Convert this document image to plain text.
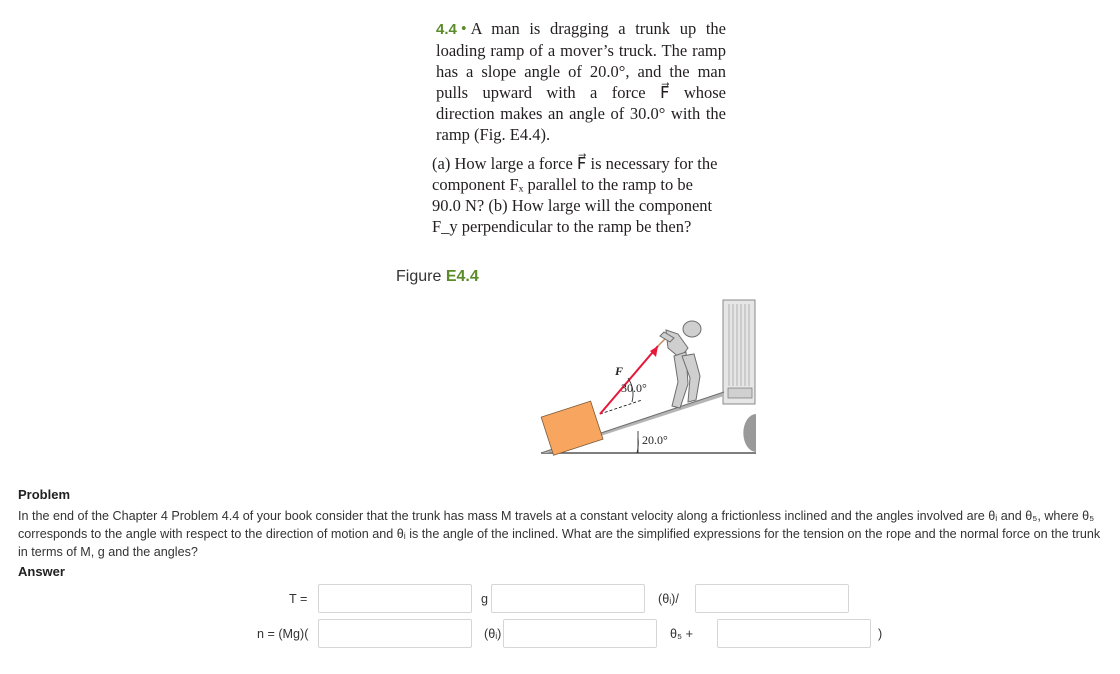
4.4 • A man is dragging a trunk up the loading ramp of a mover’s truck. The ramp has a slope angle of 20.0°, and the man pulls upward with a force F⃗ whose direction makes an angle of 30.0° with the ramp (Fig. E4.4).
(a) How large a force F⃗ is necessary for the component Fₓ parallel to the ramp to be 90.0 N? (b) How large will the component F_y perpendicular to the ramp be then?
Figure E4.4
20.0°
F⃗
30.0°
Problem
In the end of the Chapter 4 Problem 4.4 of your book consider that the trunk has mass M travels at a constant velocity along a frictionless inclined and the angles involved are θᵢ and θ₅, where θ₅ corresponds to the angle with respect to the direction of motion and θᵢ is the angle of the inclined. What are the simplified expressions for the tension on the rope and the normal force on the trunk in terms of M, g and the angles?
Answer
T =	g	(θᵢ)/
n = (Mg)(	(θᵢ)	θ₅ +	)
